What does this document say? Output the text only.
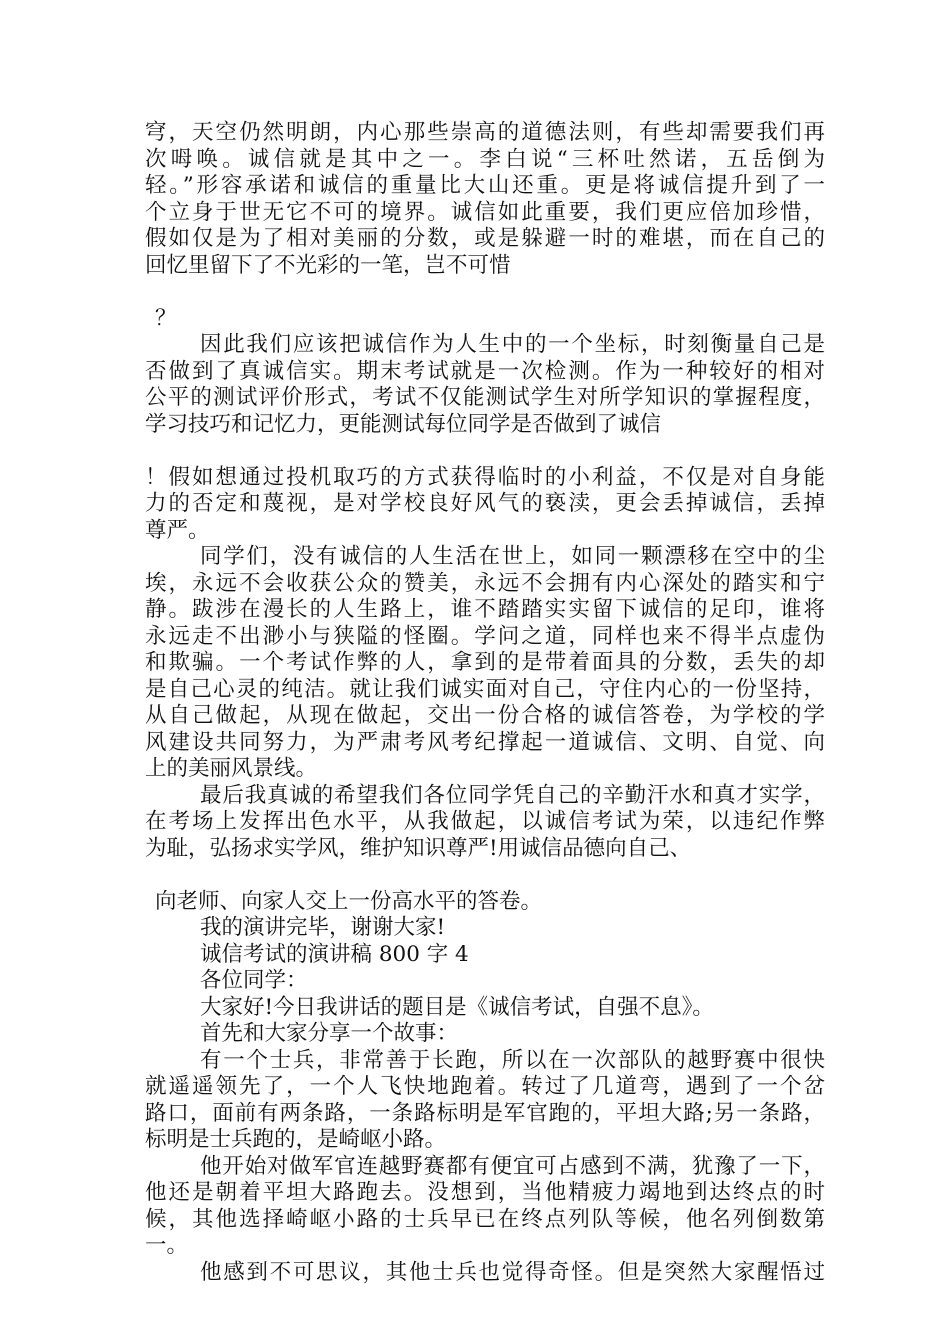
穹，天空仍然明朗，内心那些崇高的道德法则，有些却需要我们再
次呣唤。诚信就是其中之一。李白说“三杯吐然诺，五岳倒为
轻。”形容承诺和诚信的重量比大山还重。更是将诚信提升到了一
个立身于世无它不可的境界。诚信如此重要，我们更应倍加珍惜，
假如仅是为了相对美丽的分数，或是躲避一时的难堪，而在自己的
回忆里留下了不光彩的一笔，岂不可惜
？
因此我们应该把诚信作为人生中的一个坐标，时刻衡量自己是
否做到了真诚信实。期末考试就是一次检测。作为一种较好的相对
公平的测试评价形式，考试不仅能测试学生对所学知识的掌握程度，
学习技巧和记忆力，更能测试每位同学是否做到了诚信
！假如想通过投机取巧的方式获得临时的小利益，不仅是对自身能
力的否定和蔑视，是对学校良好风气的亵渎，更会丢掉诚信，丢掉
尊严。
同学们，没有诚信的人生活在世上，如同一颗漂移在空中的尘
埃，永远不会收获公众的赞美，永远不会拥有内心深处的踏实和宁
静。跋涉在漫长的人生路上，谁不踏踏实实留下诚信的足印，谁将
永远走不出渺小与狭隘的怪圈。学问之道，同样也来不得半点虚伪
和欺骗。一个考试作弊的人，拿到的是带着面具的分数，丢失的却
是自己心灵的纯洁。就让我们诚实面对自己，守住内心的一份坚持，
从自己做起，从现在做起，交出一份合格的诚信答卷，为学校的学
风建设共同努力，为严肃考风考纪撑起一道诚信、文明、自觉、向
上的美丽风景线。
最后我真诚的希望我们各位同学凭自己的辛勤汗水和真才实学，
在考场上发挥出色水平，从我做起，以诚信考试为荣，以违纪作弊
为耻，弘扬求实学风，维护知识尊严!用诚信品德向自己、
向老师、向家人交上一份高水平的答卷。
我的演讲完毕，谢谢大家!
诚信考试的演讲稿 800 字 4
各位同学：
大家好!今日我讲话的题目是《诚信考试，自强不息》。
首先和大家分享一个故事：
有一个士兵，非常善于长跑，所以在一次部队的越野赛中很快
就遥遥领先了，一个人飞快地跑着。转过了几道弯，遇到了一个岔
路口，面前有两条路，一条路标明是军官跑的，平坦大路;另一条路，
标明是士兵跑的，是崎岖小路。
他开始对做军官连越野赛都有便宜可占感到不满，犹豫了一下，
他还是朝着平坦大路跑去。没想到，当他精疲力竭地到达终点的时
候，其他选择崎岖小路的士兵早已在终点列队等候，他名列倒数第
一。
他感到不可思议，其他士兵也觉得奇怪。但是突然大家醒悟过
